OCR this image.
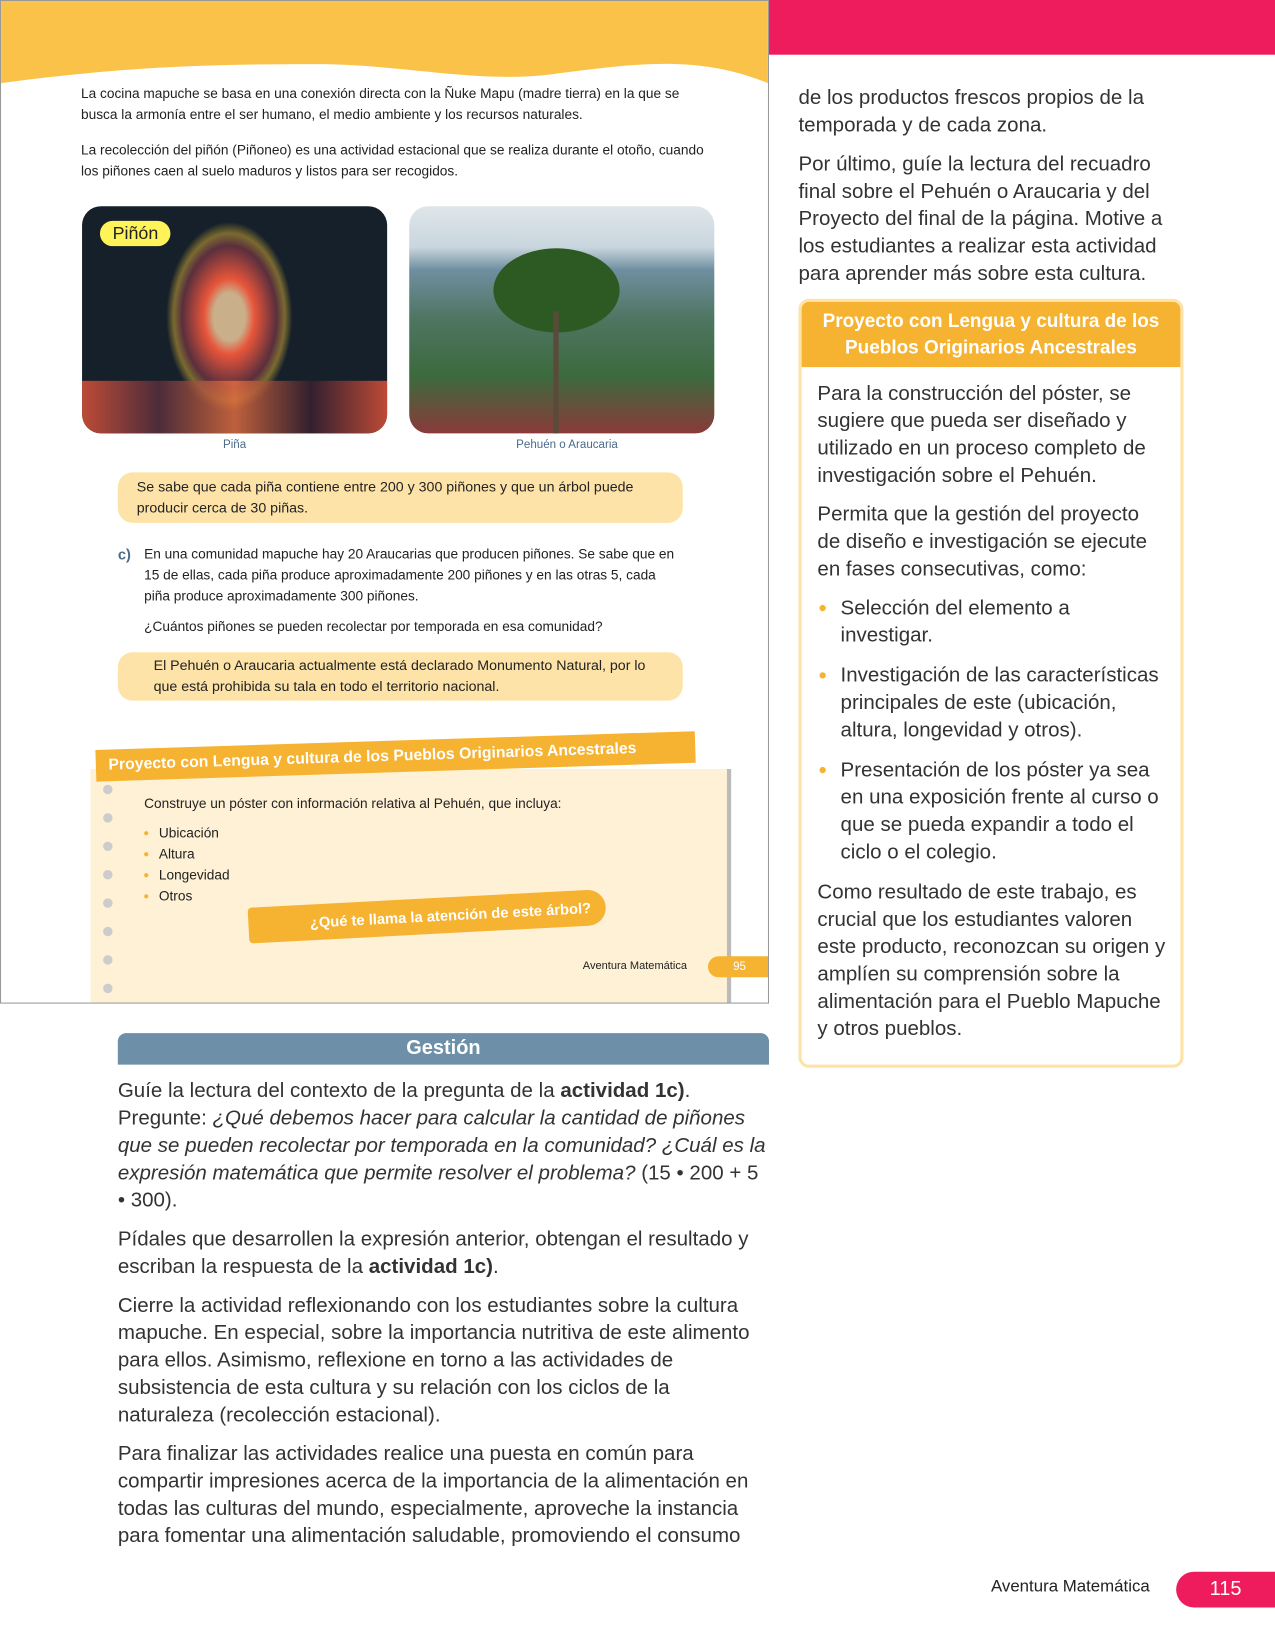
La cocina mapuche se basa en una conexión directa con la Ñuke Mapu (madre tierra) en la que se busca la armonía entre el ser humano, el medio ambiente y los recursos naturales.

La recolección del piñón (Piñoneo) es una actividad estacional que se realiza durante el otoño, cuando los piñones caen al suelo maduros y listos para ser recogidos.

Piñón
Piña	Pehuén o Araucaria
Se sabe que cada piña contiene entre 200 y 300 piñones y que un árbol puede producir cerca de 30 piñas.
c) En una comunidad mapuche hay 20 Araucarias que producen piñones. Se sabe que en 15 de ellas, cada piña produce aproximadamente 200 piñones y en las otras 5, cada piña produce aproximadamente 300 piñones.
¿Cuántos piñones se pueden recolectar por temporada en esa comunidad?
El Pehuén o Araucaria actualmente está declarado Monumento Natural, por lo que está prohibida su tala en todo el territorio nacional.
Proyecto con Lengua y cultura de los Pueblos Originarios Ancestrales
Construye un póster con información relativa al Pehuén, que incluya:
Ubicación
Altura
Longevidad
Otros
¿Qué te llama la atención de este árbol?
Aventura Matemática	95
Gestión

Guíe la lectura del contexto de la pregunta de la actividad 1c). Pregunte: ¿Qué debemos hacer para calcular la cantidad de piñones que se pueden recolectar por temporada en la comunidad? ¿Cuál es la expresión matemática que permite resolver el problema? (15 • 200 + 5 • 300).

Pídales que desarrollen la expresión anterior, obtengan el resultado y escriban la respuesta de la actividad 1c).

Cierre la actividad reflexionando con los estudiantes sobre la cultura mapuche. En especial, sobre la importancia nutritiva de este alimento para ellos. Asimismo, reflexione en torno a las actividades de subsistencia de esta cultura y su relación con los ciclos de la naturaleza (recolección estacional).

Para finalizar las actividades realice una puesta en común para compartir impresiones acerca de la importancia de la alimentación en todas las culturas del mundo, especialmente, aproveche la instancia para fomentar una alimentación saludable, promoviendo el consumo

de los productos frescos propios de la temporada y de cada zona.

Por último, guíe la lectura del recuadro final sobre el Pehuén o Araucaria y del Proyecto del final de la página. Motive a los estudiantes a realizar esta actividad para aprender más sobre esta cultura.

Proyecto con Lengua y cultura de los Pueblos Originarios Ancestrales

Para la construcción del póster, se sugiere que pueda ser diseñado y utilizado en un proceso completo de investigación sobre el Pehuén.

Permita que la gestión del proyecto de diseño e investigación se ejecute en fases consecutivas, como:

Selección del elemento a investigar.
Investigación de las características principales de este (ubicación, altura, longevidad y otros).
Presentación de los póster ya sea en una exposición frente al curso o que se pueda expandir a todo el ciclo o el colegio.

Como resultado de este trabajo, es crucial que los estudiantes valoren este producto, reconozcan su origen y amplíen su comprensión sobre la alimentación para el Pueblo Mapuche y otros pueblos.

Aventura Matemática	115
